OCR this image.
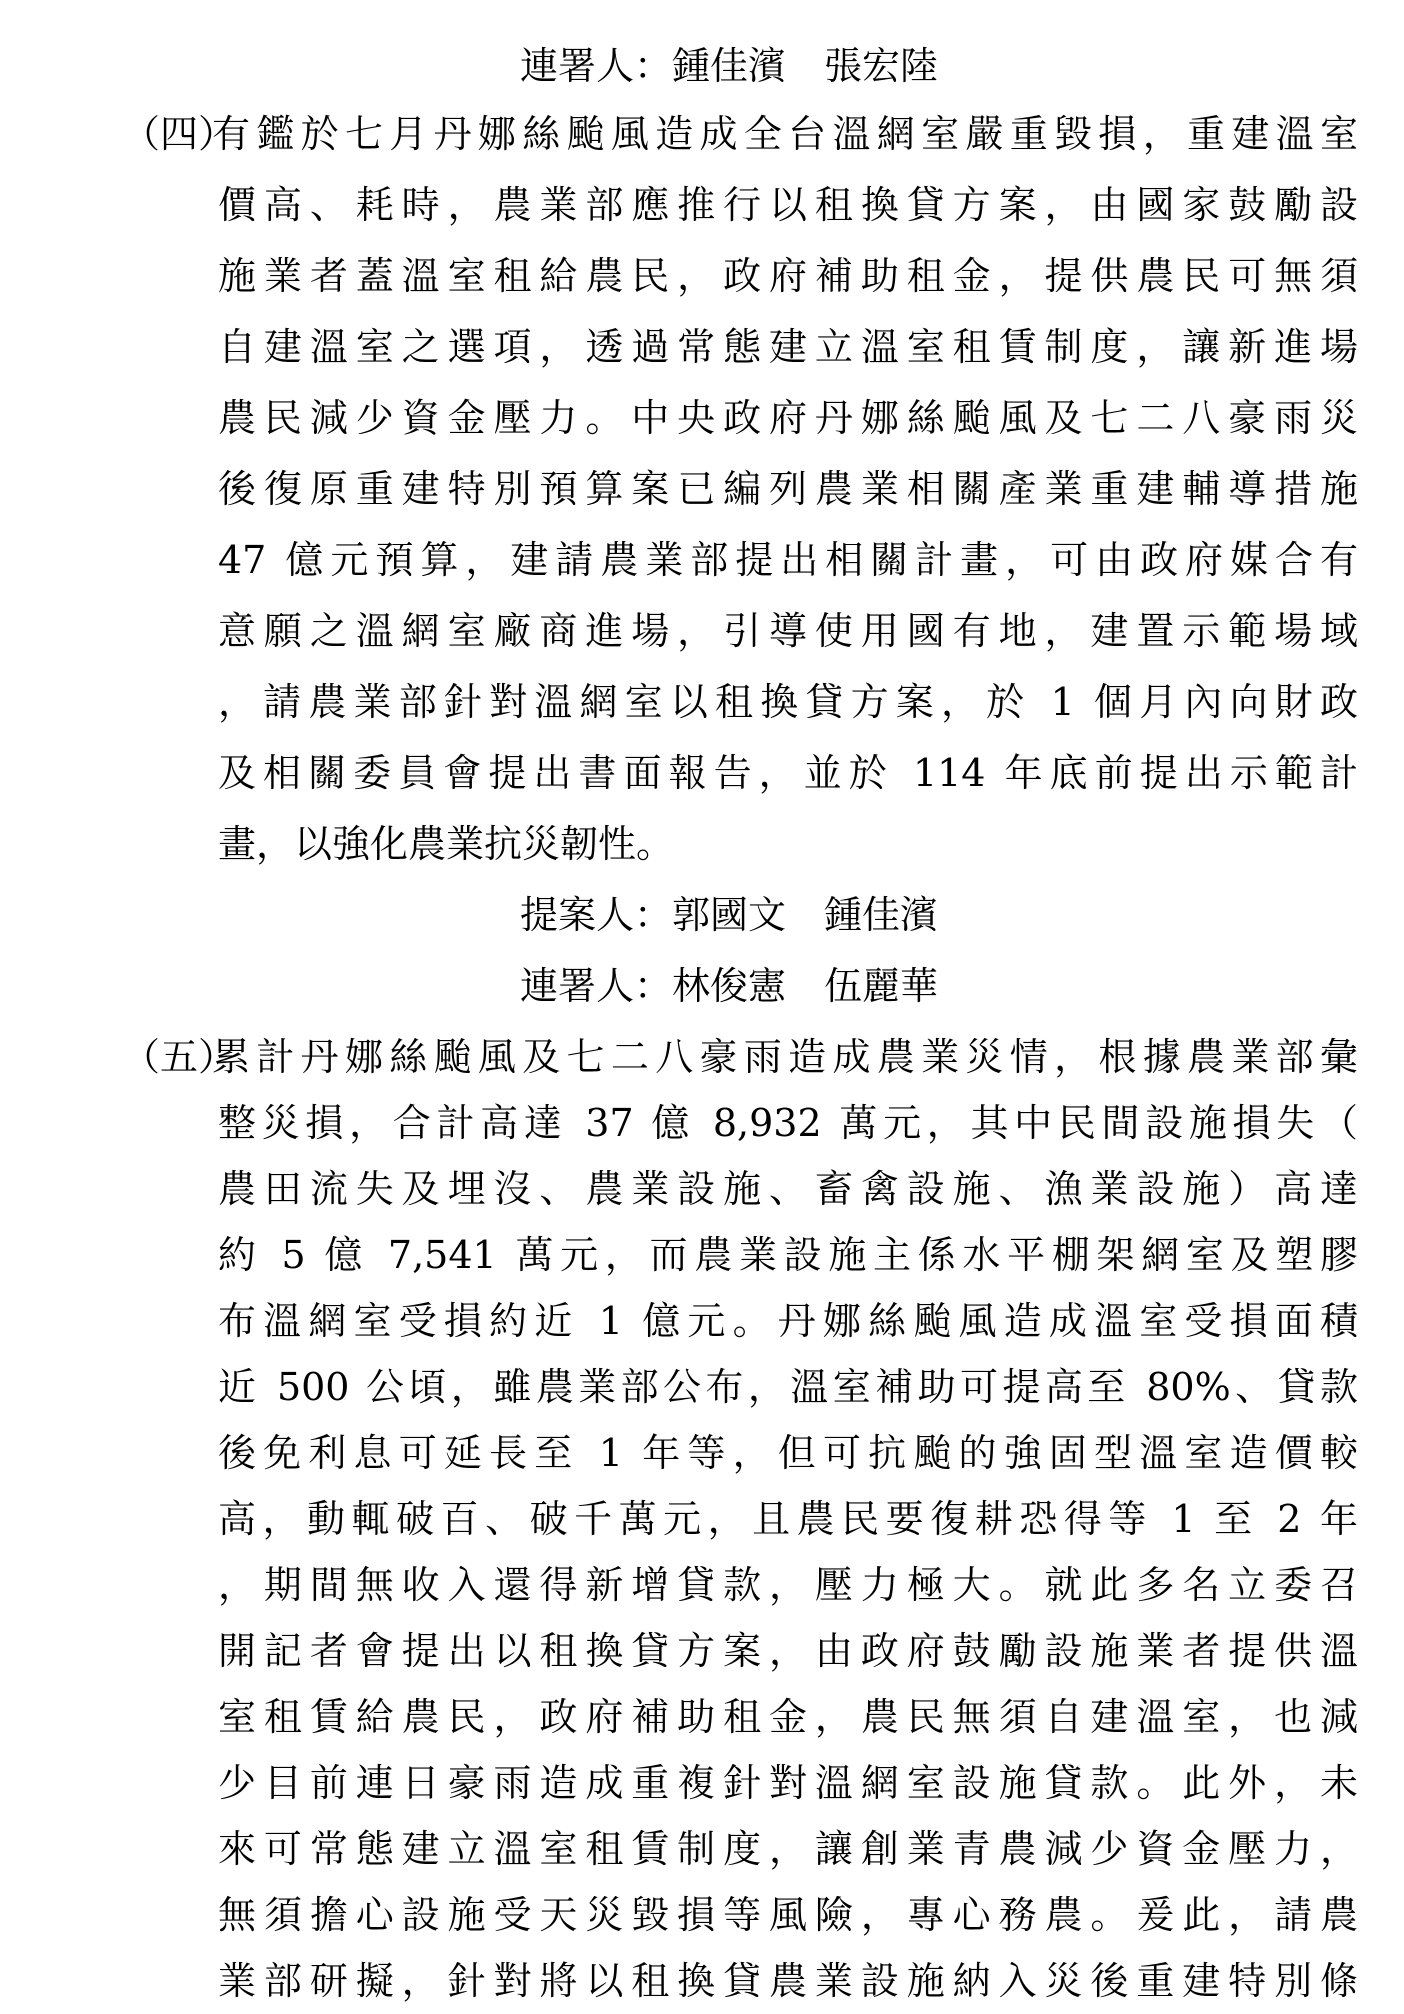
連署人：鍾佳濱　張宏陸
（四）
有鑑於七月丹娜絲颱風造成全台溫網室嚴重毀損，重建溫室
價高、耗時，農業部應推行以租換貸方案，由國家鼓勵設
施業者蓋溫室租給農民，政府補助租金，提供農民可無須
自建溫室之選項，透過常態建立溫室租賃制度，讓新進場
農民減少資金壓力。中央政府丹娜絲颱風及七二八豪雨災
後復原重建特別預算案已編列農業相關產業重建輔導措施
47 億元預算，建請農業部提出相關計畫，可由政府媒合有
意願之溫網室廠商進場，引導使用國有地，建置示範場域
，請農業部針對溫網室以租換貸方案，於 1 個月內向財政
及相關委員會提出書面報告，並於 114 年底前提出示範計
畫，以強化農業抗災韌性。
提案人：郭國文　鍾佳濱
連署人：林俊憲　伍麗華
（五）
累計丹娜絲颱風及七二八豪雨造成農業災情，根據農業部彙
整災損，合計高達 37 億 8,932 萬元，其中民間設施損失（
農田流失及埋沒、農業設施、畜禽設施、漁業設施）高達
約 5 億 7,541 萬元，而農業設施主係水平棚架網室及塑膠
布溫網室受損約近 1 億元。丹娜絲颱風造成溫室受損面積
近 500 公頃，雖農業部公布，溫室補助可提高至 80%、貸款
後免利息可延長至 1 年等，但可抗颱的強固型溫室造價較
高，動輒破百、破千萬元，且農民要復耕恐得等 1 至 2 年
，期間無收入還得新增貸款，壓力極大。就此多名立委召
開記者會提出以租換貸方案，由政府鼓勵設施業者提供溫
室租賃給農民，政府補助租金，農民無須自建溫室，也減
少目前連日豪雨造成重複針對溫網室設施貸款。此外，未
來可常態建立溫室租賃制度，讓創業青農減少資金壓力，
無須擔心設施受天災毀損等風險，專心務農。爰此，請農
業部研擬，針對將以租換貸農業設施納入災後重建特別條
